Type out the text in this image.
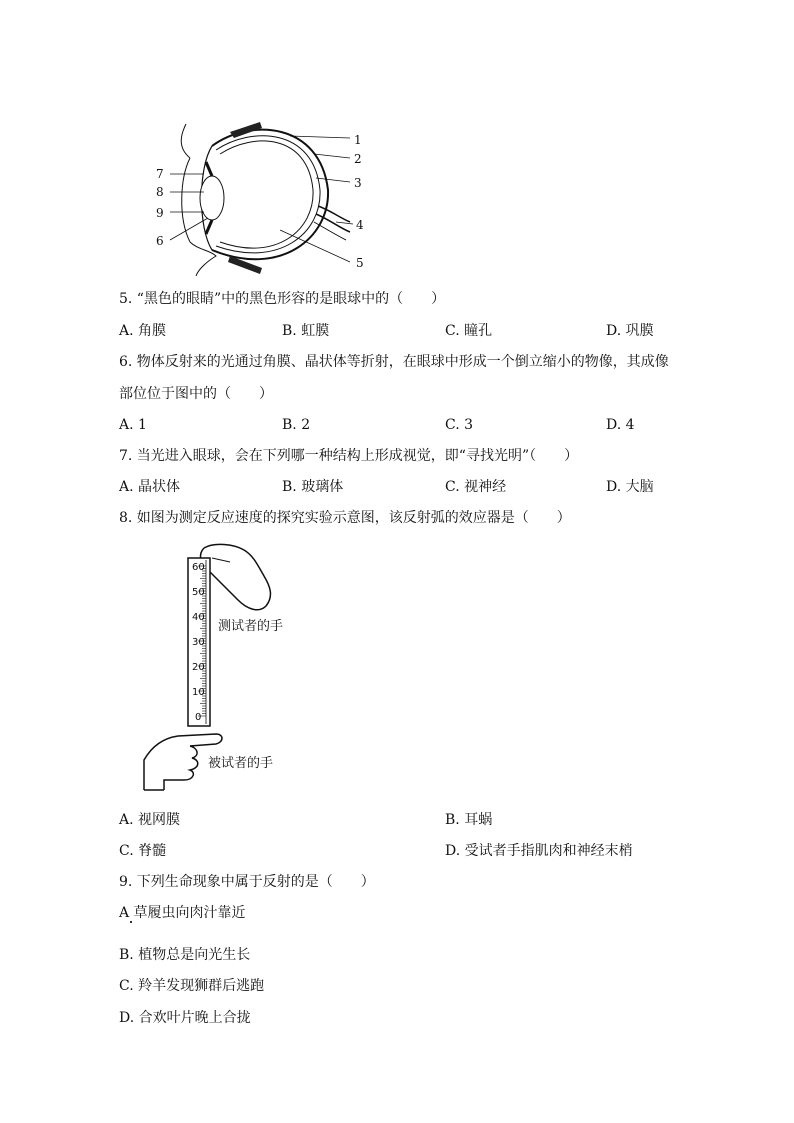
1
2
3
4
5
6
7
8
9
5. “黑色的眼睛”中的黑色形容的是眼球中的（　　）
A. 角膜	B. 虹膜	C. 瞳孔	D. 巩膜
6. 物体反射来的光通过角膜、晶状体等折射，在眼球中形成一个倒立缩小的物像，其成像
部位位于图中的（　　）
A. 1	B. 2	C. 3	D. 4
7. 当光进入眼球，会在下列哪一种结构上形成视觉，即“寻找光明”（　　）
A. 晶状体	B. 玻璃体	C. 视神经	D. 大脑
8. 如图为测定反应速度的探究实验示意图，该反射弧的效应器是（　　）
60
50
40
30
20
10
0
测试者的手
被试者的手
A. 视网膜	B. 耳蜗
C. 脊髓	D. 受试者手指肌肉和神经末梢
9. 下列生命现象中属于反射的是（　　）
A 草履虫向肉汁靠近
B. 植物总是向光生长
C. 羚羊发现狮群后逃跑
D. 合欢叶片晚上合拢
